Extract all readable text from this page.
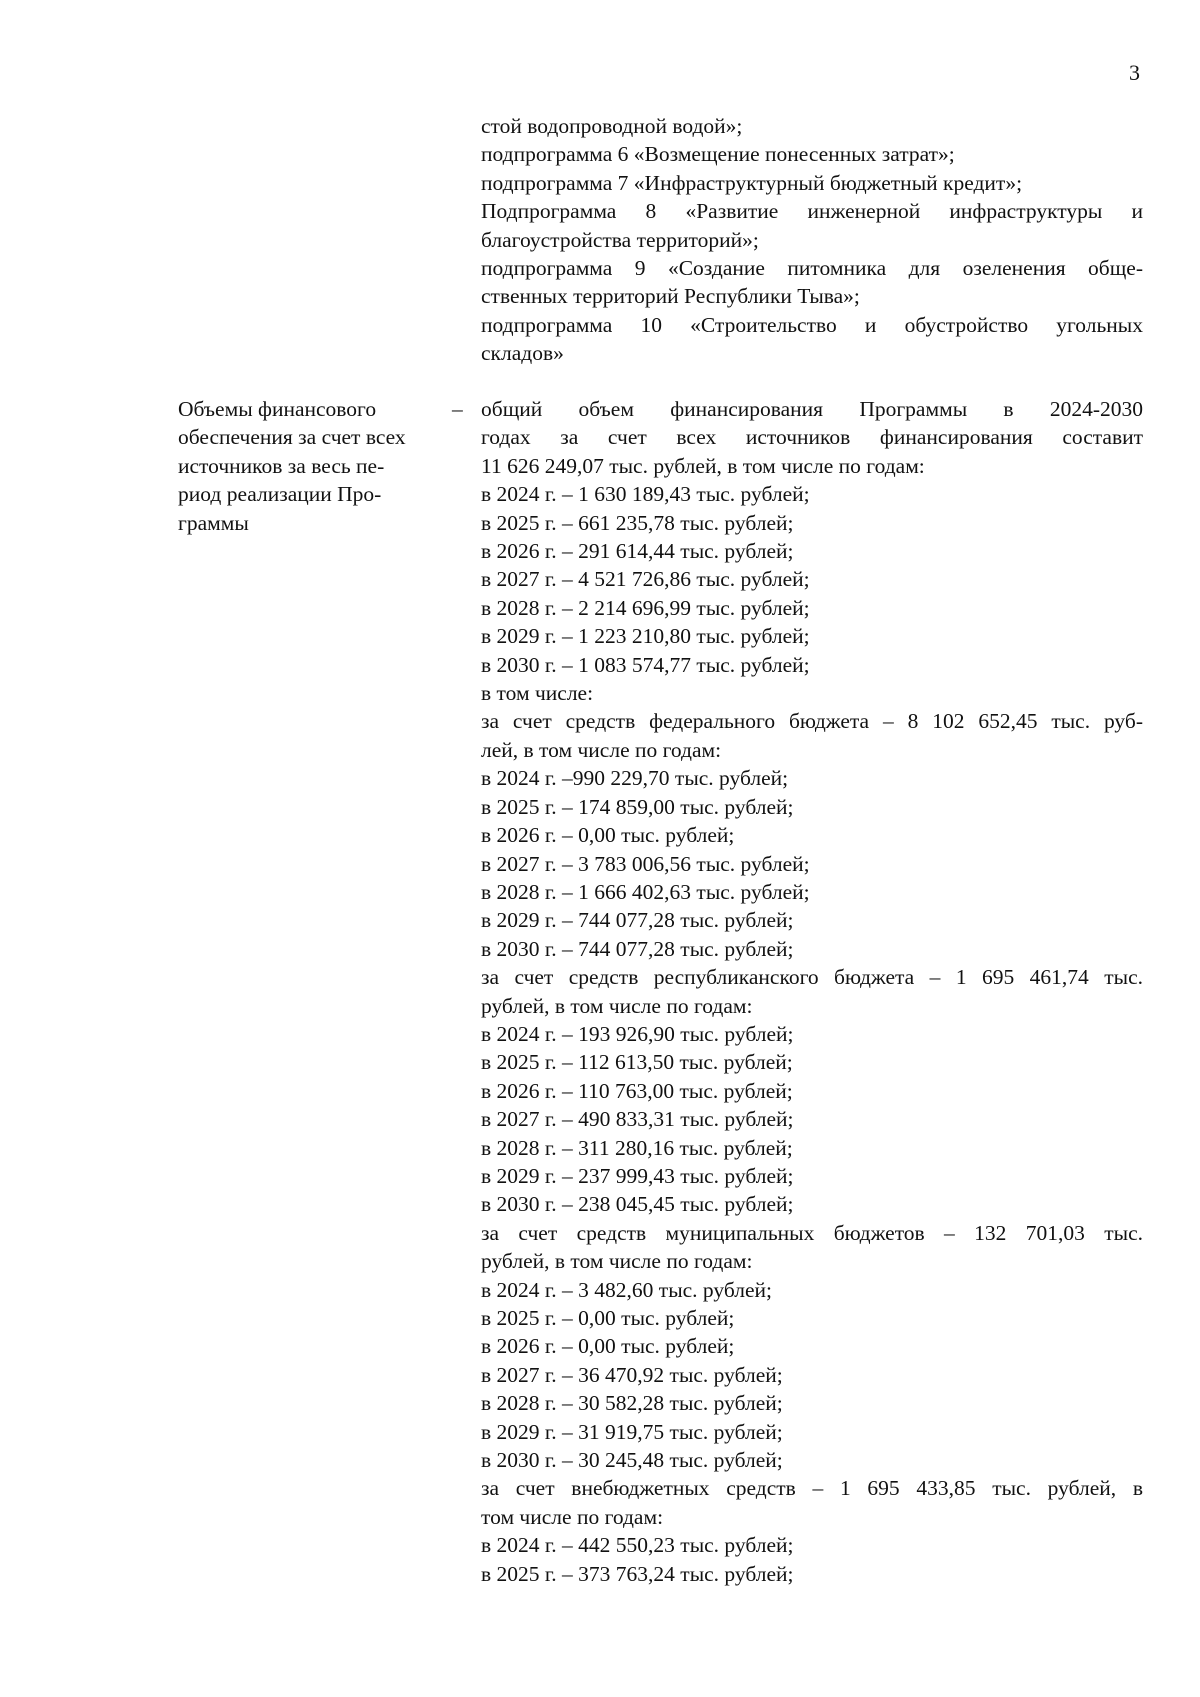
3
стой водопроводной водой»;
подпрограмма 6 «Возмещение понесенных затрат»;
подпрограмма 7 «Инфраструктурный бюджетный кредит»;
Подпрограмма 8 «Развитие инженерной инфраструктуры и
благоустройства территорий»;
подпрограмма 9 «Создание питомника для озеленения обще-
ственных территорий Республики Тыва»;
подпрограмма 10 «Строительство и обустройство угольных
складов»
Объемы финансового
обеспечения за счет всех
источников за весь пе-
риод реализации Про-
граммы
– общий объем финансирования Программы в 2024-2030
годах за счет всех источников финансирования составит
11 626 249,07 тыс. рублей, в том числе по годам:
в 2024 г. – 1 630 189,43 тыс. рублей;
в 2025 г. – 661 235,78 тыс. рублей;
в 2026 г. – 291 614,44 тыс. рублей;
в 2027 г. – 4 521 726,86 тыс. рублей;
в 2028 г. – 2 214 696,99 тыс. рублей;
в 2029 г. – 1 223 210,80 тыс. рублей;
в 2030 г. – 1 083 574,77 тыс. рублей;
в том числе:
за счет средств федерального бюджета – 8 102 652,45 тыс. руб-
лей, в том числе по годам:
в 2024 г. –990 229,70 тыс. рублей;
в 2025 г. – 174 859,00 тыс. рублей;
в 2026 г. – 0,00 тыс. рублей;
в 2027 г. – 3 783 006,56 тыс. рублей;
в 2028 г. – 1 666 402,63 тыс. рублей;
в 2029 г. – 744 077,28 тыс. рублей;
в 2030 г. – 744 077,28 тыс. рублей;
за счет средств республиканского бюджета – 1 695 461,74 тыс.
рублей, в том числе по годам:
в 2024 г. – 193 926,90 тыс. рублей;
в 2025 г. – 112 613,50 тыс. рублей;
в 2026 г. – 110 763,00 тыс. рублей;
в 2027 г. – 490 833,31 тыс. рублей;
в 2028 г. – 311 280,16 тыс. рублей;
в 2029 г. – 237 999,43 тыс. рублей;
в 2030 г. – 238 045,45 тыс. рублей;
за счет средств муниципальных бюджетов – 132 701,03 тыс.
рублей, в том числе по годам:
в 2024 г. – 3 482,60 тыс. рублей;
в 2025 г. – 0,00 тыс. рублей;
в 2026 г. – 0,00 тыс. рублей;
в 2027 г. – 36 470,92 тыс. рублей;
в 2028 г. – 30 582,28 тыс. рублей;
в 2029 г. – 31 919,75 тыс. рублей;
в 2030 г. – 30 245,48 тыс. рублей;
за счет внебюджетных средств – 1 695 433,85 тыс. рублей, в
том числе по годам:
в 2024 г. – 442 550,23 тыс. рублей;
в 2025 г. – 373 763,24 тыс. рублей;
